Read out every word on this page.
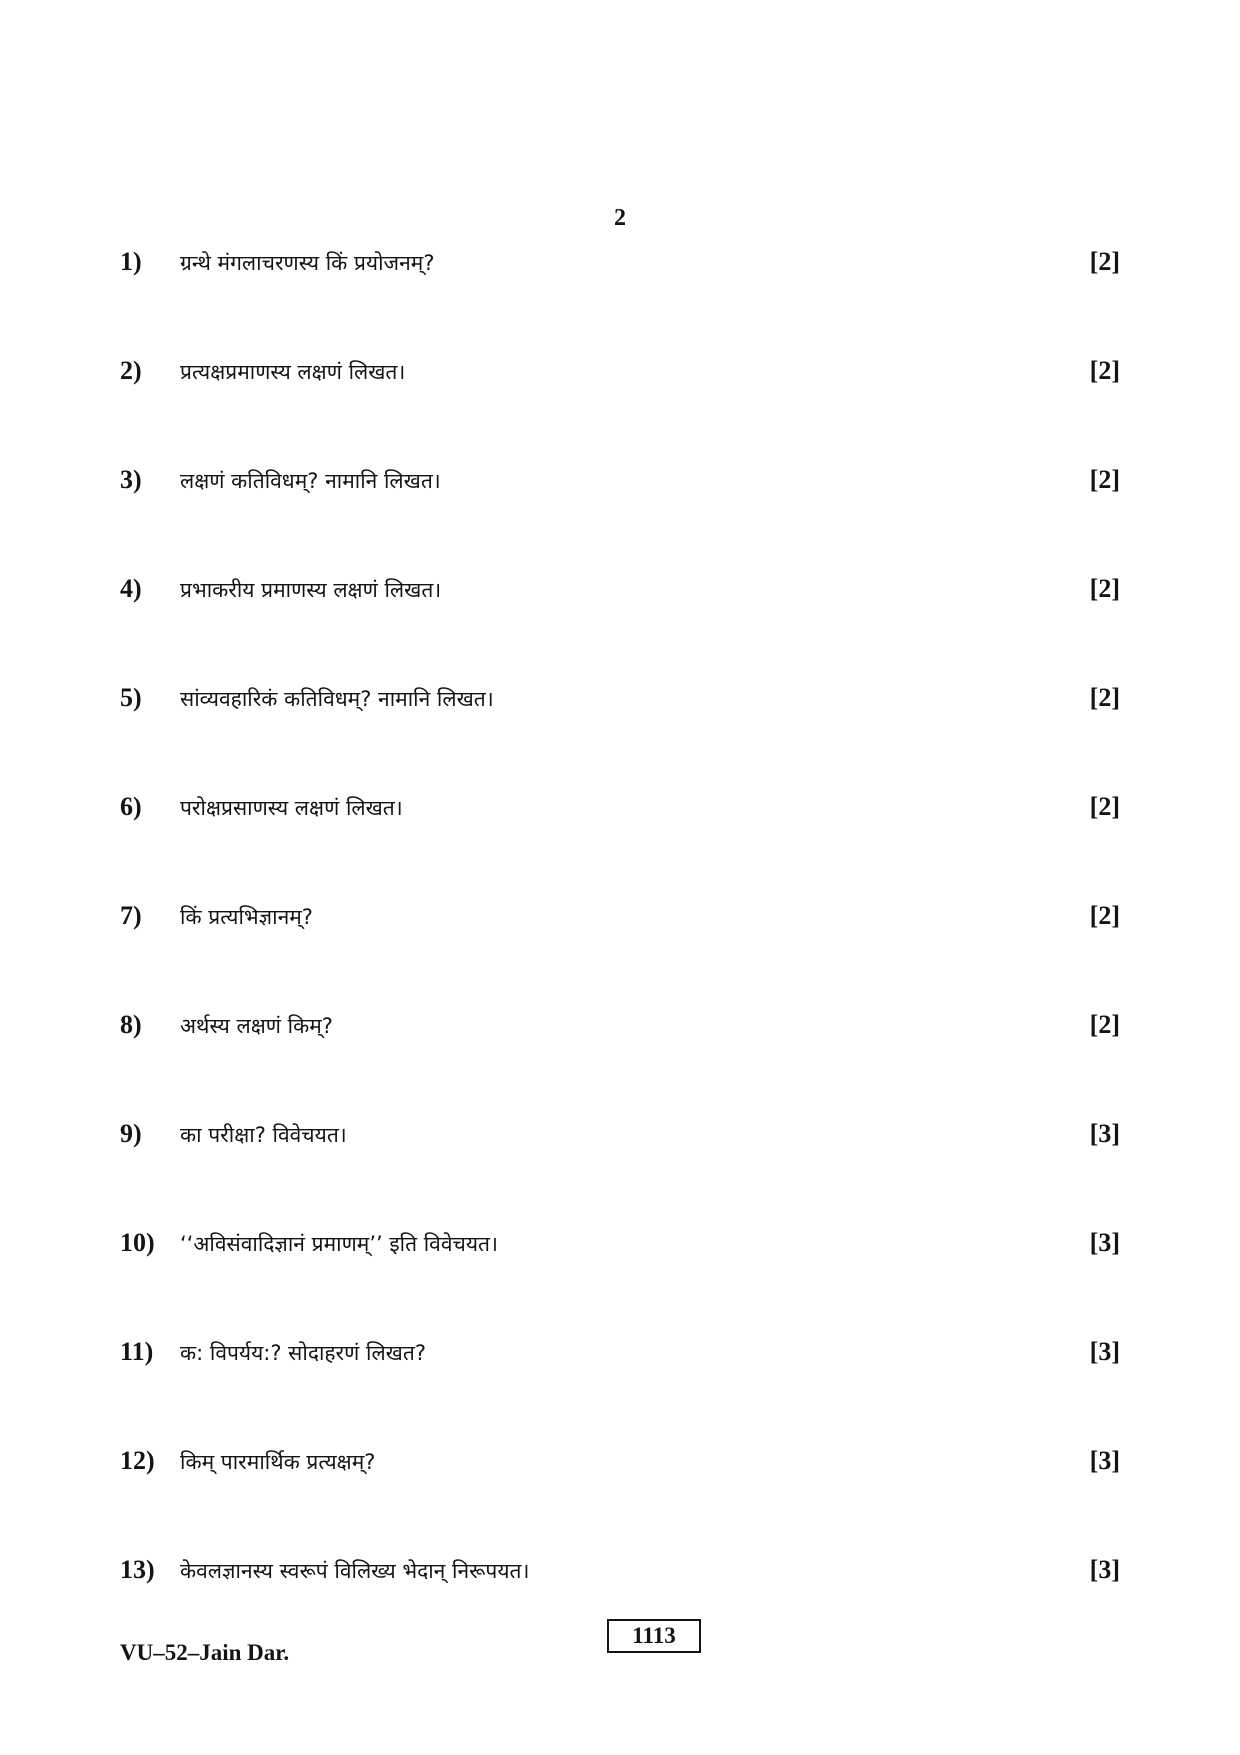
2
1) ग्रन्थे मंगलाचरणस्य किं प्रयोजनम्?	[2]
2) प्रत्यक्षप्रमाणस्य लक्षणं लिखत।	[2]
3) लक्षणं कतिविधम्? नामानि लिखत।	[2]
4) प्रभाकरीय प्रमाणस्य लक्षणं लिखत।	[2]
5) सांव्यवहारिकं कतिविधम्? नामानि लिखत।	[2]
6) परोक्षप्रसाणस्य लक्षणं लिखत।	[2]
7) किं प्रत्यभिज्ञानम्?	[2]
8) अर्थस्य लक्षणं किम्?	[2]
9) का परीक्षा? विवेचयत।	[3]
10) ‘‘अविसंवादिज्ञानं प्रमाणम्’’ इति विवेचयत।	[3]
11) क: विपर्यय:? सोदाहरणं लिखत?	[3]
12) किम् पारमार्थिक प्रत्यक्षम्?	[3]
13) केवलज्ञानस्य स्वरूपं विलिख्य भेदान् निरूपयत।	[3]
VU–52–Jain Dar.
1113
